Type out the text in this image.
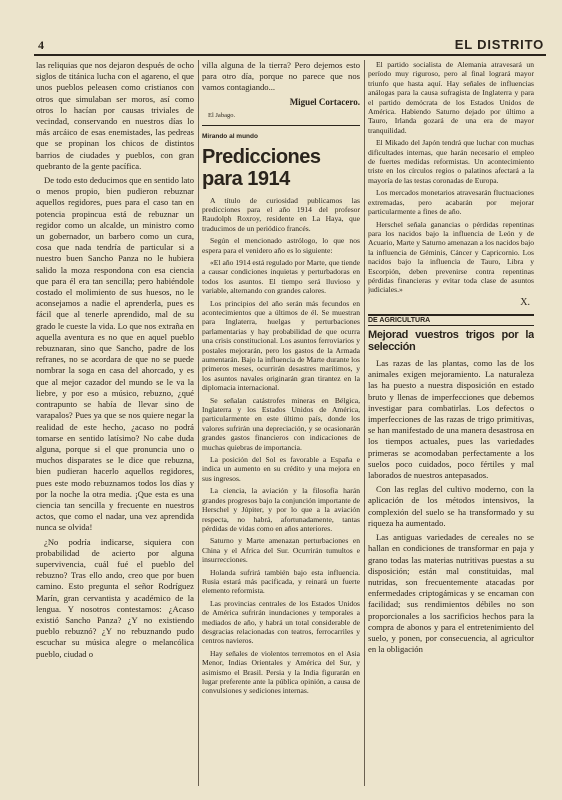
4	EL DISTRITO

las reliquias que nos dejaron después de ocho siglos de titánica lucha con el agareno, el que unos pueblos peleasen como cristianos con otros que simulaban ser moros, así como otros lo hacían por causas triviales de vecindad, conservando en nuestros días lo más arcáico de esas enemistades, las pedreas que se propinan los chicos de distintos barrios de ciudades y pueblos, con gran quebranto de la gente pacífica.

De todo esto deducimos que en sentido lato o menos propio, bien pudieron rebuznar aquellos regidores, pues para el caso tan en potencia propincua está de rebuznar un regidor como un alcalde, un ministro como un gobernador, un barbero como un cura, cosa que nada tendría de particular si a nuestro buen Sancho Panza no le hubiera salido la moza respondona con esa ciencia que para él era tan sencilla; pero habiéndole costado el molimiento de sus huesos, no le aconsejamos a nadie el aprenderla, pues es fácil que al tenerle aprendido, mal de su grado le cueste la vida. Lo que nos extraña en aquella aventura es no que en aquel pueblo rebuznaran, sino que Sancho, padre de los refranes, no se acordara de que no se puede nombrar la soga en casa del ahorcado, y es que al mejor cazador del mundo se le va la liebre, y por eso a músico, rebuzno, ¿qué contrapunto se había de llevar sino de varapalos? Pues ya que se nos quiere negar la realidad de este hecho, ¿acaso no podrá tomarse en sentido latísimo? No cabe duda alguna, porque si el que pronuncia uno o muchos disparates se le dice que rebuzna, bien pudieran hacerlo aquellos regidores, pues este modo rebuznamos todos los días y por la noche la otra media. ¡Que esta es una ciencia tan sencilla y frecuente en nuestros actos, que como el nadar, una vez aprendida nunca se olvida!

¿No podría indicarse, siquiera con probabilidad de acierto por alguna supervivencia, cuál fué el pueblo del rebuzno? Tras ello ando, creo que por buen camino. Esto pregunta el señor Rodríguez Marín, gran cervantista y académico de la lengua. Y nosotros contestamos: ¿Acaso existió Sancho Panza? ¿Y no existiendo pueblo rebuznó? ¿Y no rebuznando pudo escuchar su música alegre o melancólica pueblo, ciudad o

villa alguna de la tierra? Pero dejemos esto para otro día, porque no parece que nos vamos contagiando...

Miguel Cortacero.

El Jabago.

Mirando al mundo

Predicciones para 1914

A título de curiosidad publicamos las predicciones para el año 1914 del profesor Raudolph Roxroy, residente en La Haya, que traducimos de un periódico francés.

Según el mencionado astrólogo, lo que nos espera para el venidero año es lo siguiente:

«El año 1914 está regulado por Marte, que tiende a causar condiciones inquietas y perturbadoras en todos los asuntos. El tiempo será lluvioso y variable, alternando con grandes calores.

Los principios del año serán más fecundos en acontecimientos que a últimos de él. Se muestran para Inglaterra, huelgas y perturbaciones parlamentarias y hay probabilidad de que ocurra una crisis constitucional. Los asuntos ferroviarios y postales mejorarán, pero los gastos de la Armada aumentarán. Bajo la influencia de Marte durante los primeros meses, ocurrirán desastres marítimos, y los asuntos navales originarán gran tirantez en la diplomacia internacional.

Se señalan catástrofes mineras en Bélgica, Inglaterra y los Estados Unidos de América, particularmente en este último país, donde los valores sufrirán una depreciación, y se ocasionarán grandes gastos financieros con indicaciones de muchas quiebras de importancia.

La posición del Sol es favorable a España e indica un aumento en su crédito y una mejora en sus ingresos.

La ciencia, la aviación y la filosofía harán grandes progresos bajo la conjunción importante de Herschel y Júpiter, y por lo que a la aviación respecta, no habrá, afortunadamente, tantas pérdidas de vidas como en años anteriores.

Saturno y Marte amenazan perturbaciones en China y el Africa del Sur. Ocurrirán tumultos e insurrecciones.

Holanda sufrirá también bajo esta influencia. Rusia estará más pacificada, y reinará un fuerte elemento reformista.

Las provincias centrales de los Estados Unidos de América sufrirán inundaciones y temporales a mediados de año, y habrá un total considerable de desgracias relacionadas con teatros, ferrocarriles y centros navieros.

Hay señales de violentos terremotos en el Asia Menor, Indias Orientales y América del Sur, y asimismo el Brasil. Persia y la India figurarán en lugar preferente ante la pública opinión, a causa de convulsiones y sediciones internas.

El partido socialista de Alemania atravesará un período muy riguroso, pero al final logrará mayor triunfo que hasta aquí. Hay señales de influencias análogas para la causa sufragista de Inglaterra y para el partido demócrata de los Estados Unidos de América. Habiendo Saturno dejado por último a Tauro, Irlanda gozará de una era de mayor tranquilidad.

El Mikado del Japón tendrá que luchar con muchas dificultades internas, que harán necesario el empleo de fuertes medidas reformistas. Un acontecimiento triste en los círculos regios o palatinos afectará a la mayoría de las testas coronadas de Europa.

Los mercados monetarios atravesarán fluctuaciones extremadas, pero acabarán por mejorar particularmente a fines de año.

Herschel señala ganancias o pérdidas repentinas para los nacidos bajo la influencia de León y de Acuario, Marte y Saturno amenazan a los nacidos bajo la influencia de Géminis, Cáncer y Capricornio. Los nacidos bajo la influencia de Tauro, Libra y Escorpión, deben prevenirse contra repentinas pérdidas financieras y evitar toda clase de asuntos judiciales.»

X.

DE AGRICULTURA
Mejorad vuestros trigos por la selección

Las razas de las plantas, como las de los animales exigen mejoramiento. La naturaleza las ha puesto a nuestra disposición en estado bruto y llenas de imperfecciones que debemos investigar para combatirlas. Los defectos o imperfecciones de las razas de trigo primitivas, se han manifestado de una manera desastrosa en los tiempos actuales, pues las variedades primeras se acomodaban perfectamente a los suelos poco cuidados, poco fértiles y mal laborados de nuestros antepasados.

Con las reglas del cultivo moderno, con la aplicación de los métodos intensivos, la complexión del suelo se ha transformado y su riqueza ha aumentado.

Las antiguas variedades de cereales no se hallan en condiciones de transformar en paja y grano todas las materias nutritivas puestas a su disposición; están mal constituidas, mal nutridas, son frecuentemente atacadas por enfermedades criptogámicas y se encaman con facilidad; sus rendimientos débiles no son proporcionales a los sacrificios hechos para la compra de abonos y para el entretenimiento del suelo, y ponen, por consecuencia, al agricultor en la obligación
